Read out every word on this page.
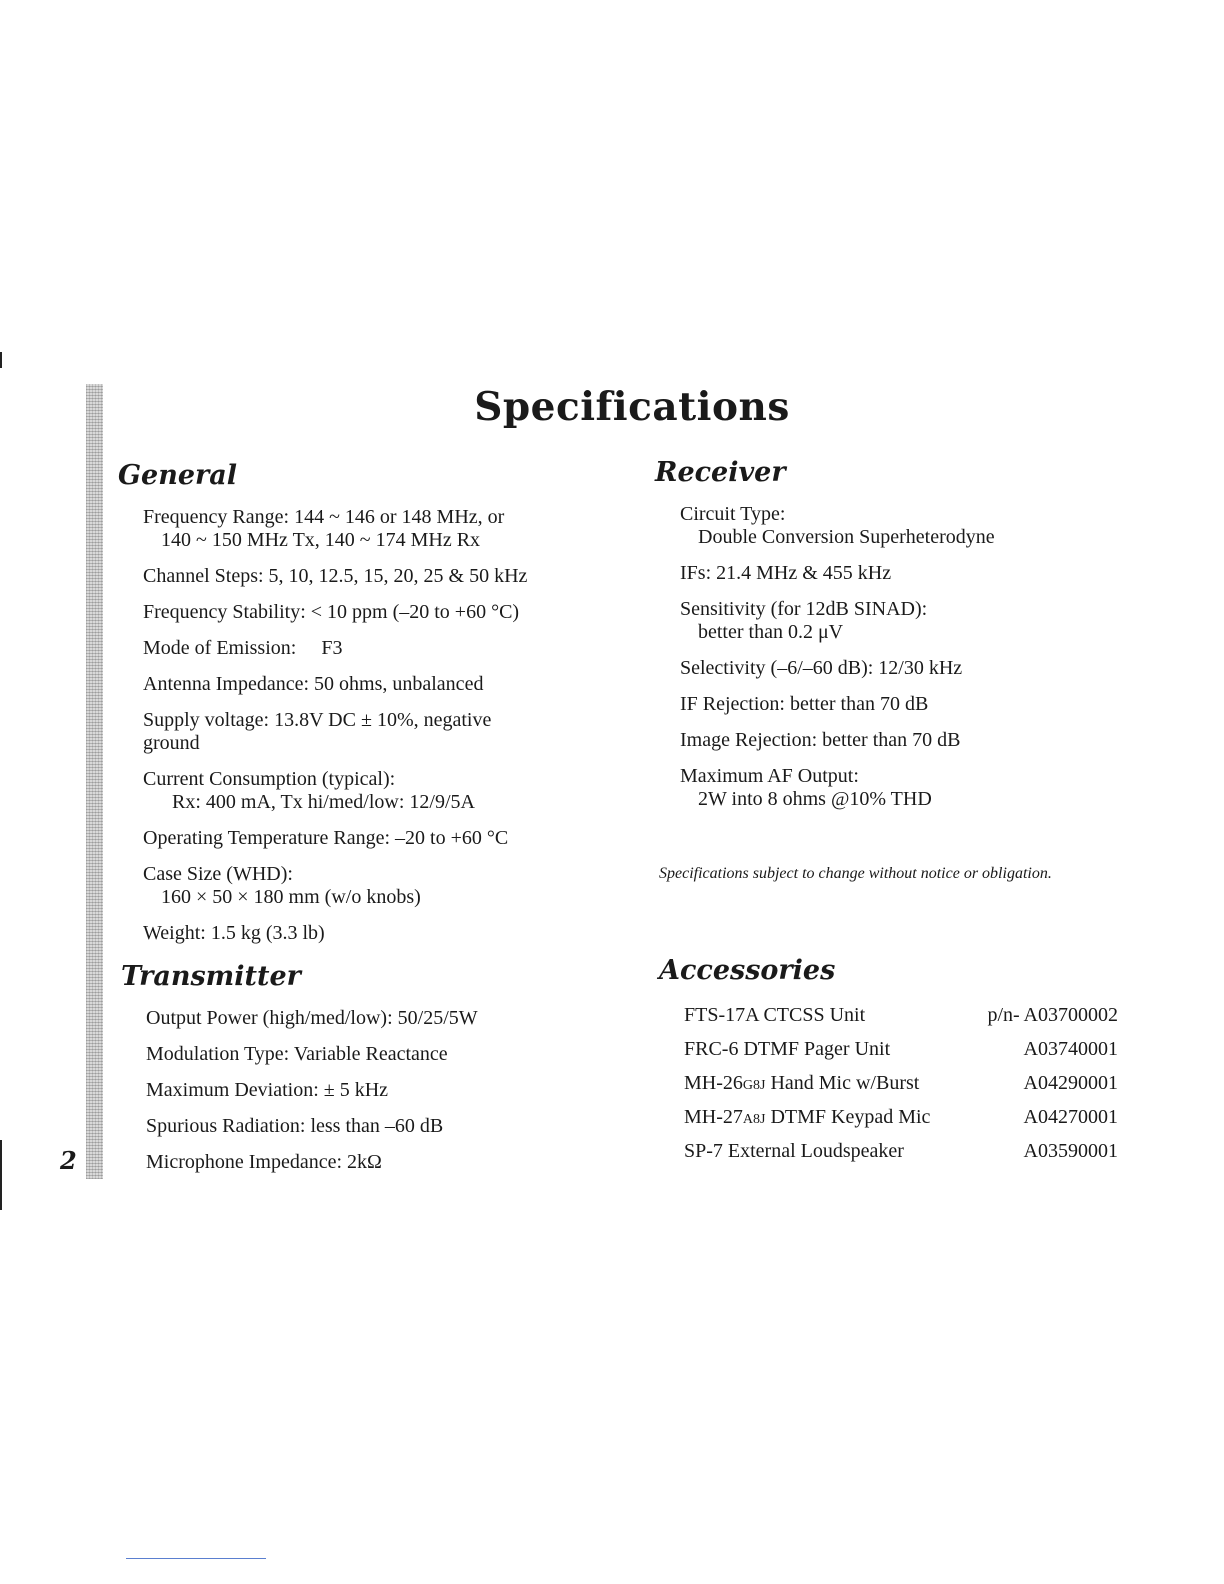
Specifications
2
General
Frequency Range: 144 ~ 146 or 148 MHz, or
140 ~ 150 MHz Tx, 140 ~ 174 MHz Rx
Channel Steps: 5, 10, 12.5, 15, 20, 25 & 50 kHz
Frequency Stability: < 10 ppm (–20 to +60 °C)
Mode of Emission:     F3
Antenna Impedance: 50 ohms, unbalanced
Supply voltage: 13.8V DC ± 10%, negative
ground
Current Consumption (typical):
Rx: 400 mA, Tx hi/med/low: 12/9/5A
Operating Temperature Range: –20 to +60 °C
Case Size (WHD):
160 × 50 × 180 mm (w/o knobs)
Weight: 1.5 kg (3.3 lb)
Transmitter
Output Power (high/med/low): 50/25/5W
Modulation Type: Variable Reactance
Maximum Deviation: ± 5 kHz
Spurious Radiation: less than –60 dB
Microphone Impedance: 2kΩ
Receiver
Circuit Type:
Double Conversion Superheterodyne
IFs: 21.4 MHz & 455 kHz
Sensitivity (for 12dB SINAD):
better than 0.2 μV
Selectivity (–6/–60 dB): 12/30 kHz
IF Rejection: better than 70 dB
Image Rejection: better than 70 dB
Maximum AF Output:
2W into 8 ohms @10% THD

Specifications subject to change without notice or obligation.

Accessories
FTS-17A CTCSS Unit	p/n- A03700002
FRC-6 DTMF Pager Unit	A03740001
MH-26G8J Hand Mic w/Burst	A04290001
MH-27A8J DTMF Keypad Mic	A04270001
SP-7 External Loudspeaker	A03590001
